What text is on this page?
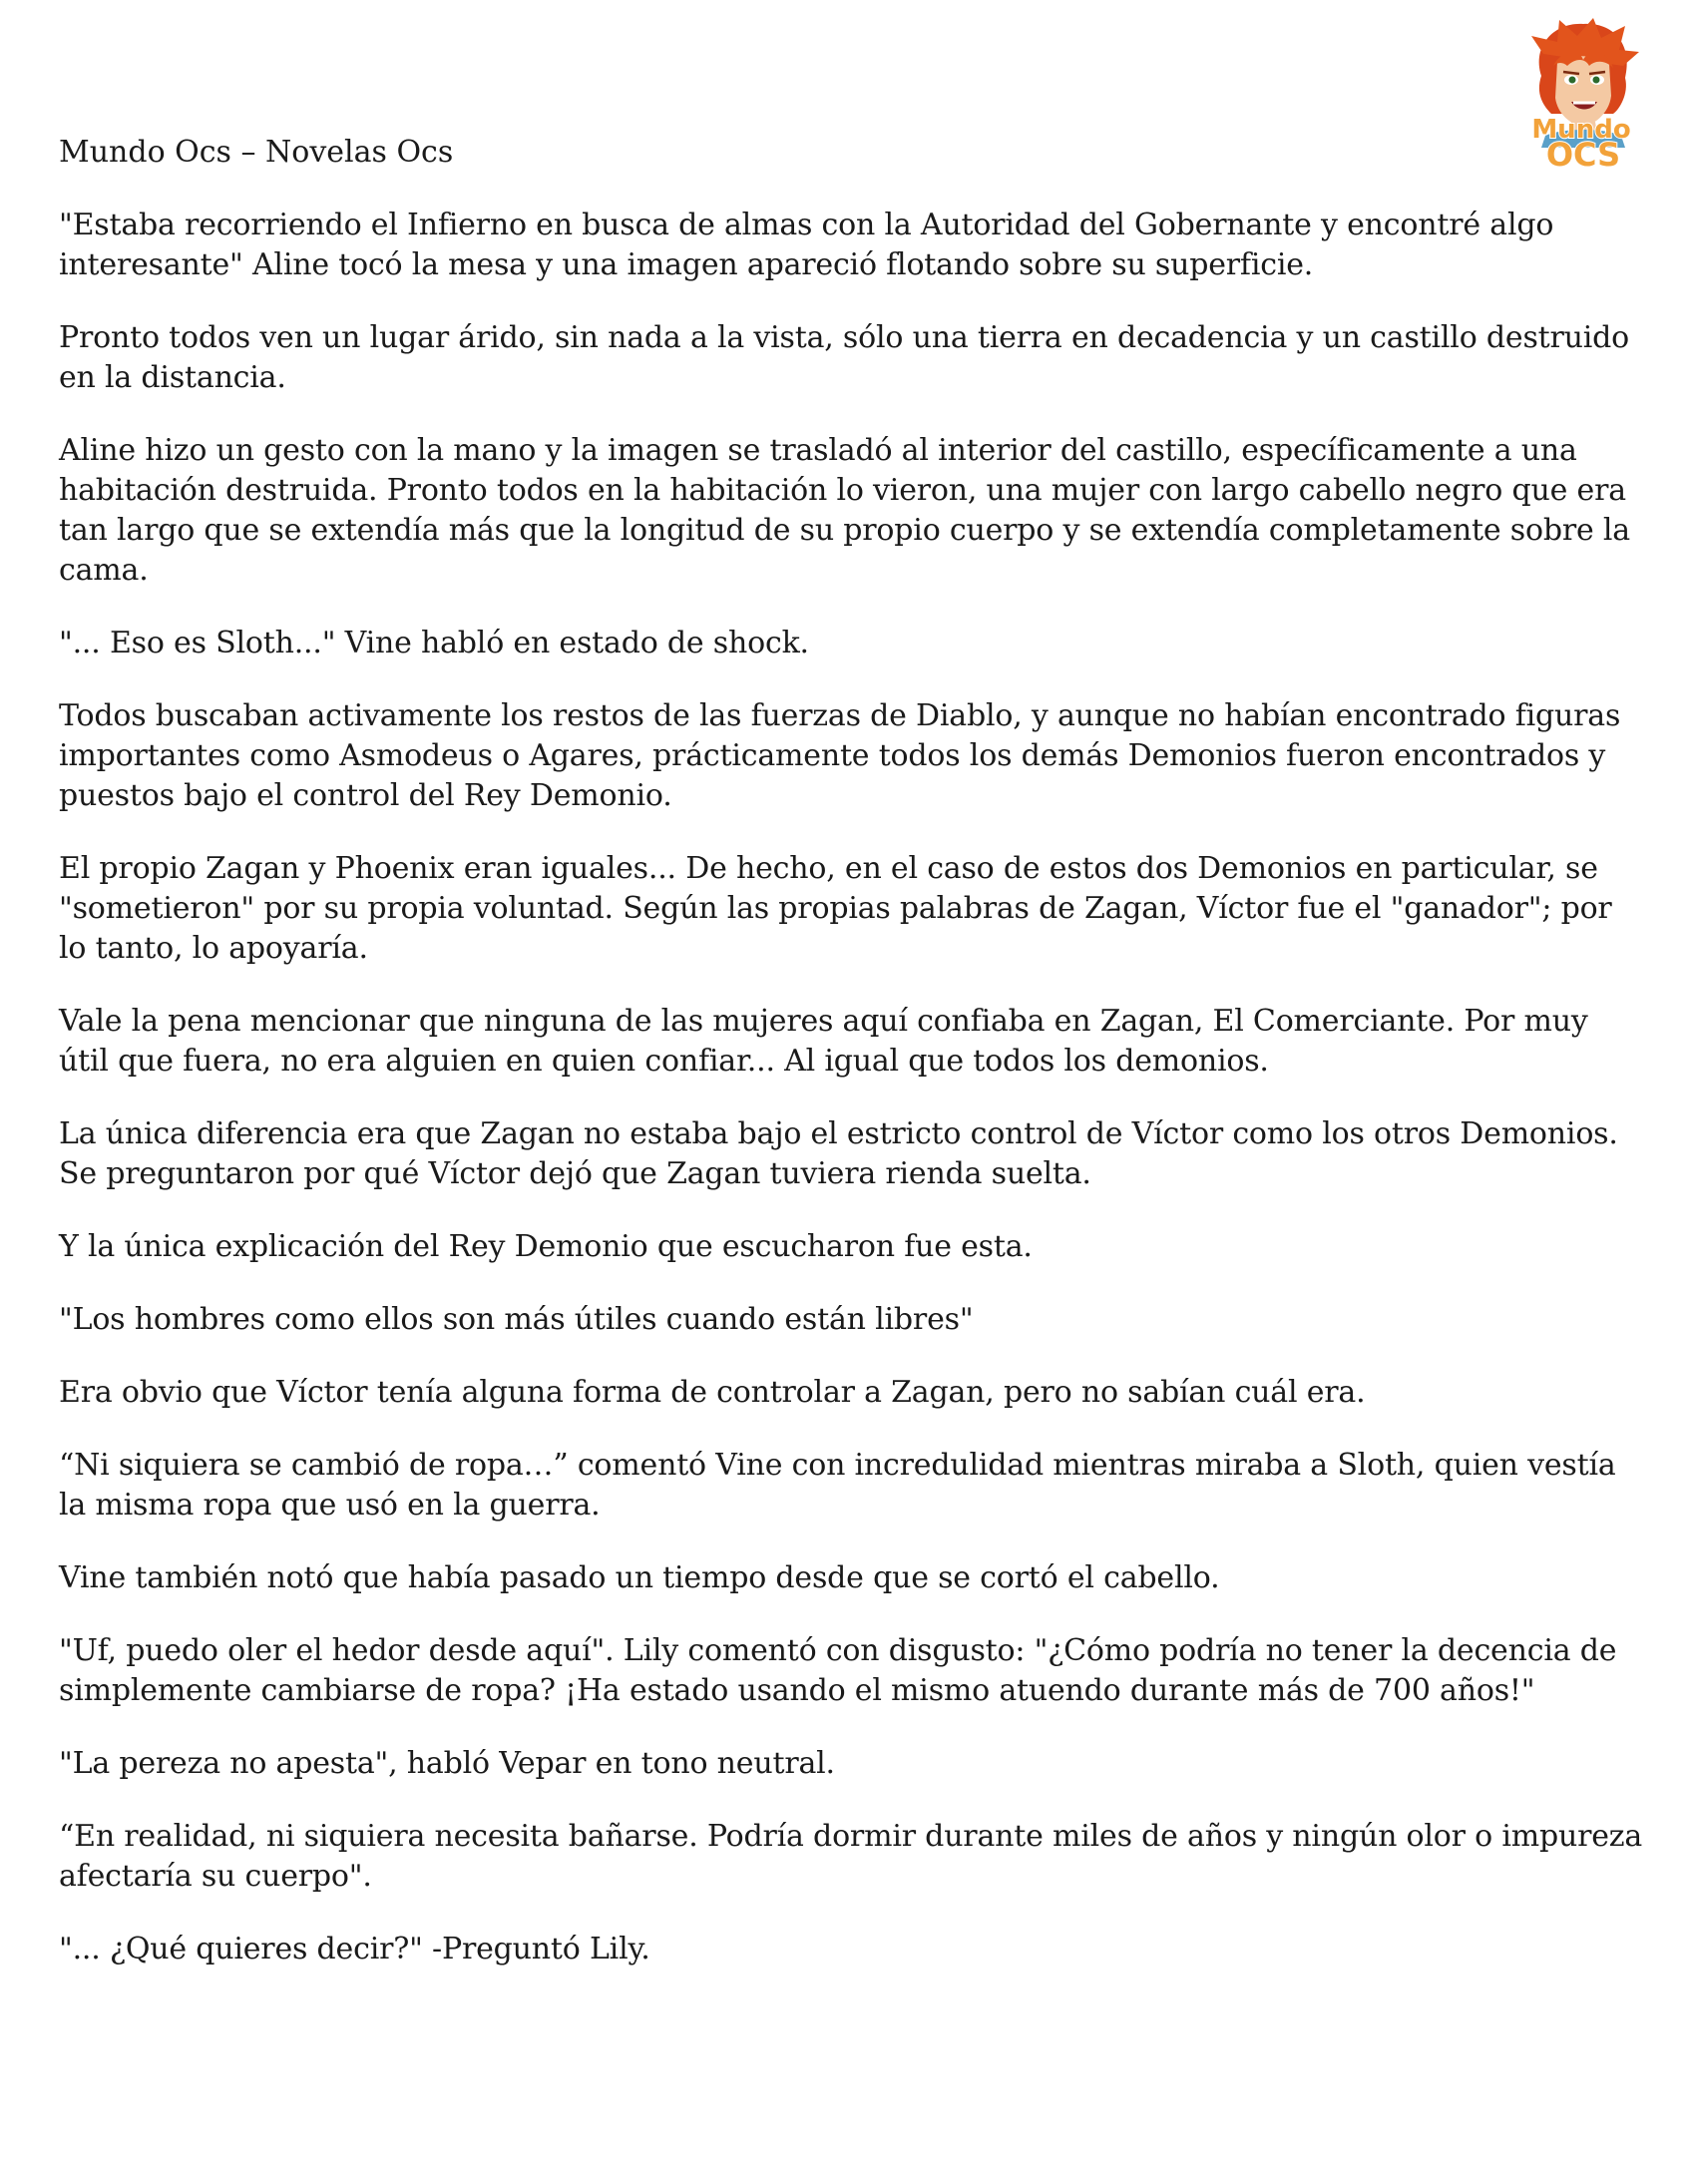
Mundo
OCS

Mundo Ocs – Novelas Ocs

"Estaba recorriendo el Infierno en busca de almas con la Autoridad del Gobernante y encontré algo interesante" Aline tocó la mesa y una imagen apareció flotando sobre su superficie.

Pronto todos ven un lugar árido, sin nada a la vista, sólo una tierra en decadencia y un castillo destruido en la distancia.

Aline hizo un gesto con la mano y la imagen se trasladó al interior del castillo, específicamente a una habitación destruida. Pronto todos en la habitación lo vieron, una mujer con largo cabello negro que era tan largo que se extendía más que la longitud de su propio cuerpo y se extendía completamente sobre la cama.

"... Eso es Sloth..." Vine habló en estado de shock.

Todos buscaban activamente los restos de las fuerzas de Diablo, y aunque no habían encontrado figuras importantes como Asmodeus o Agares, prácticamente todos los demás Demonios fueron encontrados y puestos bajo el control del Rey Demonio.

El propio Zagan y Phoenix eran iguales... De hecho, en el caso de estos dos Demonios en particular, se "sometieron" por su propia voluntad. Según las propias palabras de Zagan, Víctor fue el "ganador"; por lo tanto, lo apoyaría.

Vale la pena mencionar que ninguna de las mujeres aquí confiaba en Zagan, El Comerciante. Por muy útil que fuera, no era alguien en quien confiar... Al igual que todos los demonios.

La única diferencia era que Zagan no estaba bajo el estricto control de Víctor como los otros Demonios. Se preguntaron por qué Víctor dejó que Zagan tuviera rienda suelta.

Y la única explicación del Rey Demonio que escucharon fue esta.

"Los hombres como ellos son más útiles cuando están libres"

Era obvio que Víctor tenía alguna forma de controlar a Zagan, pero no sabían cuál era.

“Ni siquiera se cambió de ropa…” comentó Vine con incredulidad mientras miraba a Sloth, quien vestía la misma ropa que usó en la guerra.

Vine también notó que había pasado un tiempo desde que se cortó el cabello.

"Uf, puedo oler el hedor desde aquí". Lily comentó con disgusto: "¿Cómo podría no tener la decencia de simplemente cambiarse de ropa? ¡Ha estado usando el mismo atuendo durante más de 700 años!"

"La pereza no apesta", habló Vepar en tono neutral.

“En realidad, ni siquiera necesita bañarse. Podría dormir durante miles de años y ningún olor o impureza afectaría su cuerpo".

"... ¿Qué quieres decir?" -Preguntó Lily.
